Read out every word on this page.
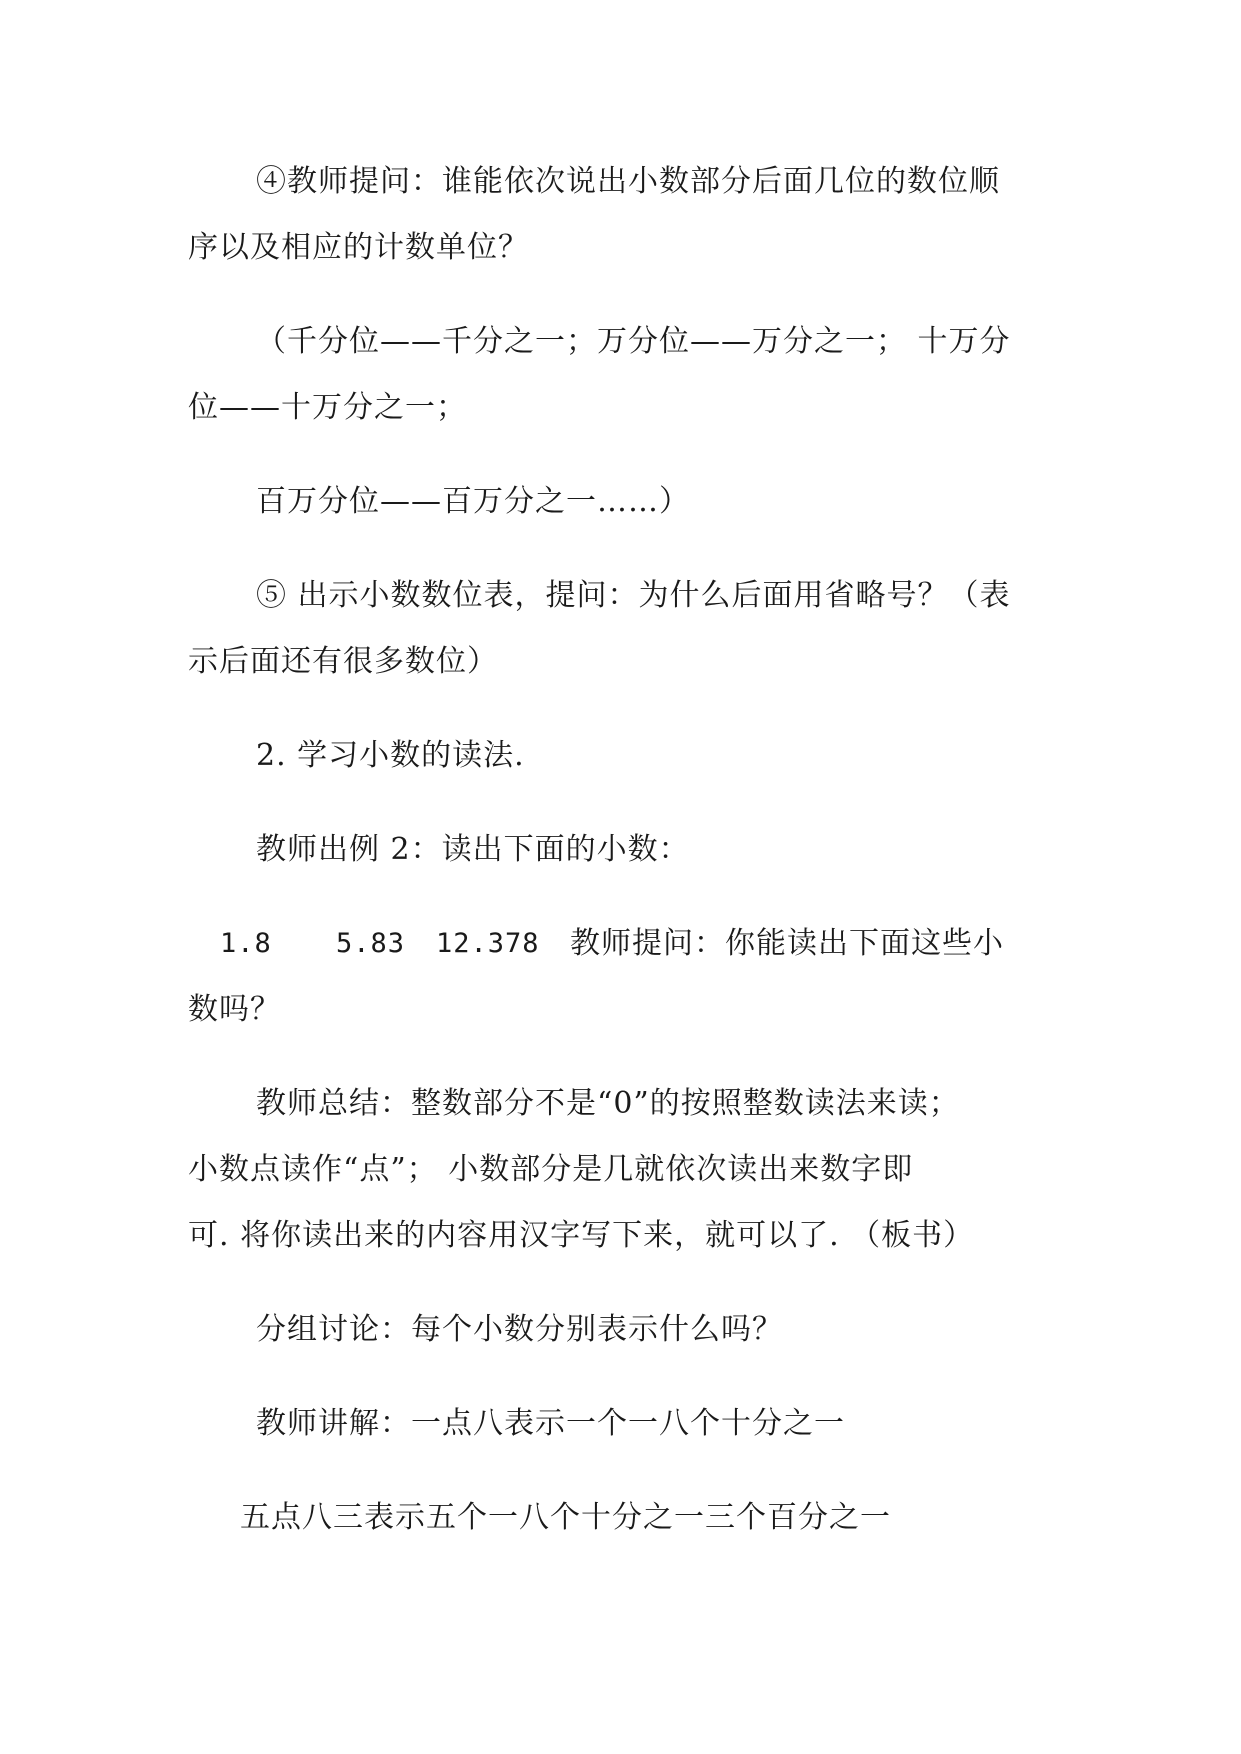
④教师提问：谁能依次说出小数部分后面几位的数位顺

序以及相应的计数单位？

（千分位——千分之一；万分位——万分之一； 十万分

位——十万分之一；

百万分位——百万分之一……）

⑤ 出示小数数位表，提问：为什么后面用省略号？（表

示后面还有很多数位）

2. 学习小数的读法.

教师出例 2：读出下面的小数：

1.8 5.83 12.378 教师提问：你能读出下面这些小

数吗？

教师总结：整数部分不是“0”的按照整数读法来读；

小数点读作“点”； 小数部分是几就依次读出来数字即

可. 将你读出来的内容用汉字写下来，就可以了. （板书）

分组讨论：每个小数分别表示什么吗？

教师讲解：一点八表示一个一八个十分之一

五点八三表示五个一八个十分之一三个百分之一
